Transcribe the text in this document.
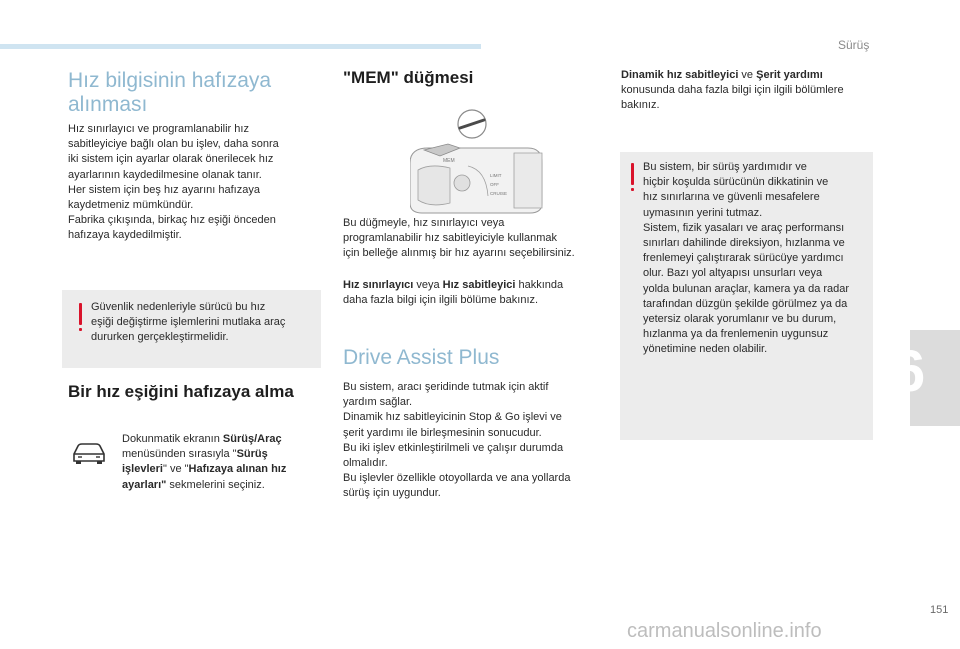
Sürüş
6
Hız bilgisinin hafızaya
alınması

Hız sınırlayıcı ve programlanabilir hız
sabitleyiciye bağlı olan bu işlev, daha sonra
iki sistem için ayarlar olarak önerilecek hız
ayarlarının kaydedilmesine olanak tanır.
Her sistem için beş hız ayarını hafızaya
kaydetmeniz mümkündür.
Fabrika çıkışında, birkaç hız eşiği önceden
hafızaya kaydedilmiştir.

Güvenlik nedenleriyle sürücü bu hız
eşiği değiştirme işlemlerini mutlaka araç
dururken gerçekleştirmelidir.

Bir hız eşiğini hafızaya alma

Dokunmatik ekranın Sürüş/Araç
menüsünden sırasıyla "Sürüş
işlevleri" ve "Hafızaya alınan hız
ayarları" sekmelerini seçiniz.

"MEM" düğmesi
MEM
LIMIT
OFF
CRUISE

Bu düğmeyle, hız sınırlayıcı veya
programlanabilir hız sabitleyiciyle kullanmak
için belleğe alınmış bir hız ayarını seçebilirsiniz.

Hız sınırlayıcı veya Hız sabitleyici hakkında
daha fazla bilgi için ilgili bölüme bakınız.

Drive Assist Plus

Bu sistem, aracı şeridinde tutmak için aktif
yardım sağlar.
Dinamik hız sabitleyicinin Stop & Go işlevi ve
şerit yardımı ile birleşmesinin sonucudur.
Bu iki işlev etkinleştirilmeli ve çalışır durumda
olmalıdır.
Bu işlevler özellikle otoyollarda ve ana yollarda
sürüş için uygundur.

Dinamik hız sabitleyici ve Şerit yardımı
konusunda daha fazla bilgi için ilgili bölümlere
bakınız.

Bu sistem, bir sürüş yardımıdır ve
hiçbir koşulda sürücünün dikkatinin ve
hız sınırlarına ve güvenli mesafelere
uymasının yerini tutmaz.
Sistem, fizik yasaları ve araç performansı
sınırları dahilinde direksiyon, hızlanma ve
frenlemeyi çalıştırarak sürücüye yardımcı
olur. Bazı yol altyapısı unsurları veya
yolda bulunan araçlar, kamera ya da radar
tarafından düzgün şekilde görülmez ya da
yetersiz olarak yorumlanır ve bu durum,
hızlanma ya da frenlemenin uygunsuz
yönetimine neden olabilir.

151
carmanualsonline.info
